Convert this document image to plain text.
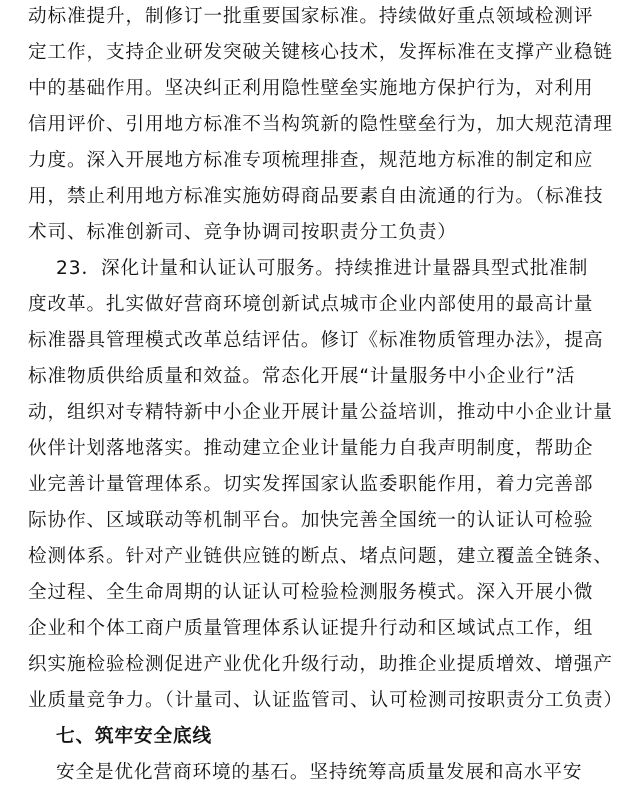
动标准提升，制修订一批重要国家标准。持续做好重点领域检测评
定工作，支持企业研发突破关键核心技术，发挥标准在支撑产业稳链
中的基础作用。坚决纠正利用隐性壁垒实施地方保护行为，对利用
信用评价、引用地方标准不当构筑新的隐性壁垒行为，加大规范清理
力度。深入开展地方标准专项梳理排查，规范地方标准的制定和应
用，禁止利用地方标准实施妨碍商品要素自由流通的行为。（标准技
术司、标准创新司、竞争协调司按职责分工负责）
23．深化计量和认证认可服务。持续推进计量器具型式批准制
度改革。扎实做好营商环境创新试点城市企业内部使用的最高计量
标准器具管理模式改革总结评估。修订《标准物质管理办法》，提高
标准物质供给质量和效益。常态化开展“计量服务中小企业行”活
动，组织对专精特新中小企业开展计量公益培训，推动中小企业计量
伙伴计划落地落实。推动建立企业计量能力自我声明制度，帮助企
业完善计量管理体系。切实发挥国家认监委职能作用，着力完善部
际协作、区域联动等机制平台。加快完善全国统一的认证认可检验
检测体系。针对产业链供应链的断点、堵点问题，建立覆盖全链条、
全过程、全生命周期的认证认可检验检测服务模式。深入开展小微
企业和个体工商户质量管理体系认证提升行动和区域试点工作，组
织实施检验检测促进产业优化升级行动，助推企业提质增效、增强产
业质量竞争力。（计量司、认证监管司、认可检测司按职责分工负责）
七、筑牢安全底线
安全是优化营商环境的基石。坚持统筹高质量发展和高水平安
